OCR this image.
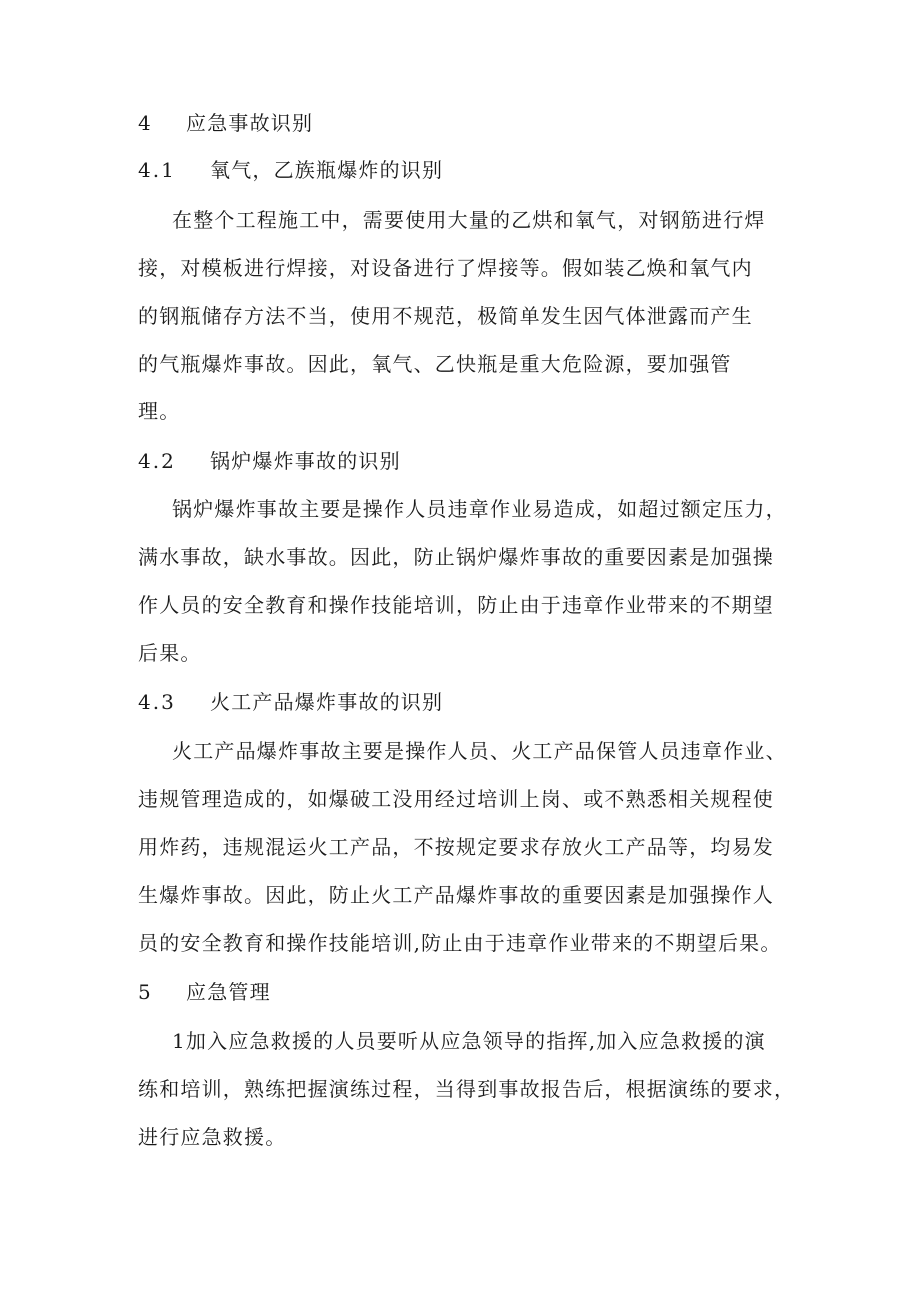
4 应急事故识别
4.1 氧气，乙族瓶爆炸的识别
在整个工程施工中，需要使用大量的乙烘和氧气，对钢筋进行焊
接，对模板进行焊接，对设备进行了焊接等。假如装乙焕和氧气内
的钢瓶储存方法不当，使用不规范，极简单发生因气体泄露而产生
的气瓶爆炸事故。因此，氧气、乙快瓶是重大危险源，要加强管
理。
4.2 锅炉爆炸事故的识别
锅炉爆炸事故主要是操作人员违章作业易造成，如超过额定压力，
满水事故，缺水事故。因此，防止锅炉爆炸事故的重要因素是加强操
作人员的安全教育和操作技能培训，防止由于违章作业带来的不期望
后果。
4.3 火工产品爆炸事故的识别
火工产品爆炸事故主要是操作人员、火工产品保管人员违章作业、
违规管理造成的，如爆破工没用经过培训上岗、或不熟悉相关规程使
用炸药，违规混运火工产品，不按规定要求存放火工产品等，均易发
生爆炸事故。因此，防止火工产品爆炸事故的重要因素是加强操作人
员的安全教育和操作技能培训,防止由于违章作业带来的不期望后果。
5 应急管理
1加入应急救援的人员要听从应急领导的指挥,加入应急救援的演
练和培训，熟练把握演练过程，当得到事故报告后，根据演练的要求，
进行应急救援。
